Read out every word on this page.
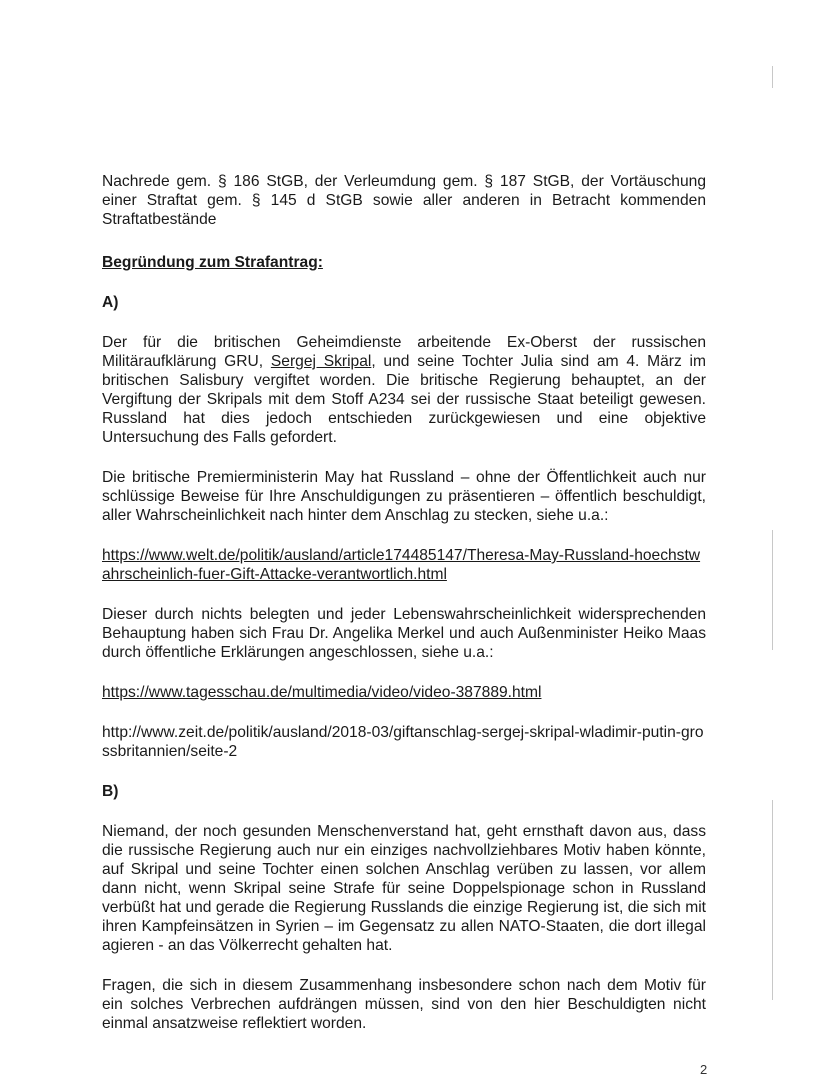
Nachrede gem. § 186 StGB, der Verleumdung gem. § 187 StGB, der Vortäuschung einer Straftat gem. § 145 d StGB sowie aller anderen in Betracht kommenden Straftatbestände

Begründung zum Strafantrag:

A)

Der für die britischen Geheimdienste arbeitende Ex-Oberst der russischen Militäraufklärung GRU, Sergej Skripal, und seine Tochter Julia sind am 4. März im britischen Salisbury vergiftet worden. Die britische Regierung behauptet, an der Vergiftung der Skripals mit dem Stoff A234 sei der russische Staat beteiligt gewesen. Russland hat dies jedoch entschieden zurückgewiesen und eine objektive Untersuchung des Falls gefordert.

Die britische Premierministerin May hat Russland – ohne der Öffentlichkeit auch nur schlüssige Beweise für Ihre Anschuldigungen zu präsentieren – öffentlich beschuldigt, aller Wahrscheinlichkeit nach hinter dem Anschlag zu stecken, siehe u.a.:

https://www.welt.de/politik/ausland/article174485147/Theresa-May-Russland-hoechstwahrscheinlich-fuer-Gift-Attacke-verantwortlich.html

Dieser durch nichts belegten und jeder Lebenswahrscheinlichkeit widersprechenden Behauptung haben sich Frau Dr. Angelika Merkel und auch Außenminister Heiko Maas durch öffentliche Erklärungen angeschlossen, siehe u.a.:

https://www.tagesschau.de/multimedia/video/video-387889.html

http://www.zeit.de/politik/ausland/2018-03/giftanschlag-sergej-skripal-wladimir-putin-grossbritannien/seite-2

B)

Niemand, der noch gesunden Menschenverstand hat, geht ernsthaft davon aus, dass die russische Regierung auch nur ein einziges nachvollziehbares Motiv haben könnte, auf Skripal und seine Tochter einen solchen Anschlag verüben zu lassen, vor allem dann nicht, wenn Skripal seine Strafe für seine Doppelspionage schon in Russland verbüßt hat und gerade die Regierung Russlands die einzige Regierung ist, die sich mit ihren Kampfeinsätzen in Syrien – im Gegensatz zu allen NATO-Staaten, die dort illegal agieren - an das Völkerrecht gehalten hat.

Fragen, die sich in diesem Zusammenhang insbesondere schon nach dem Motiv für ein solches Verbrechen aufdrängen müssen, sind von den hier Beschuldigten nicht einmal ansatzweise reflektiert worden.

2
